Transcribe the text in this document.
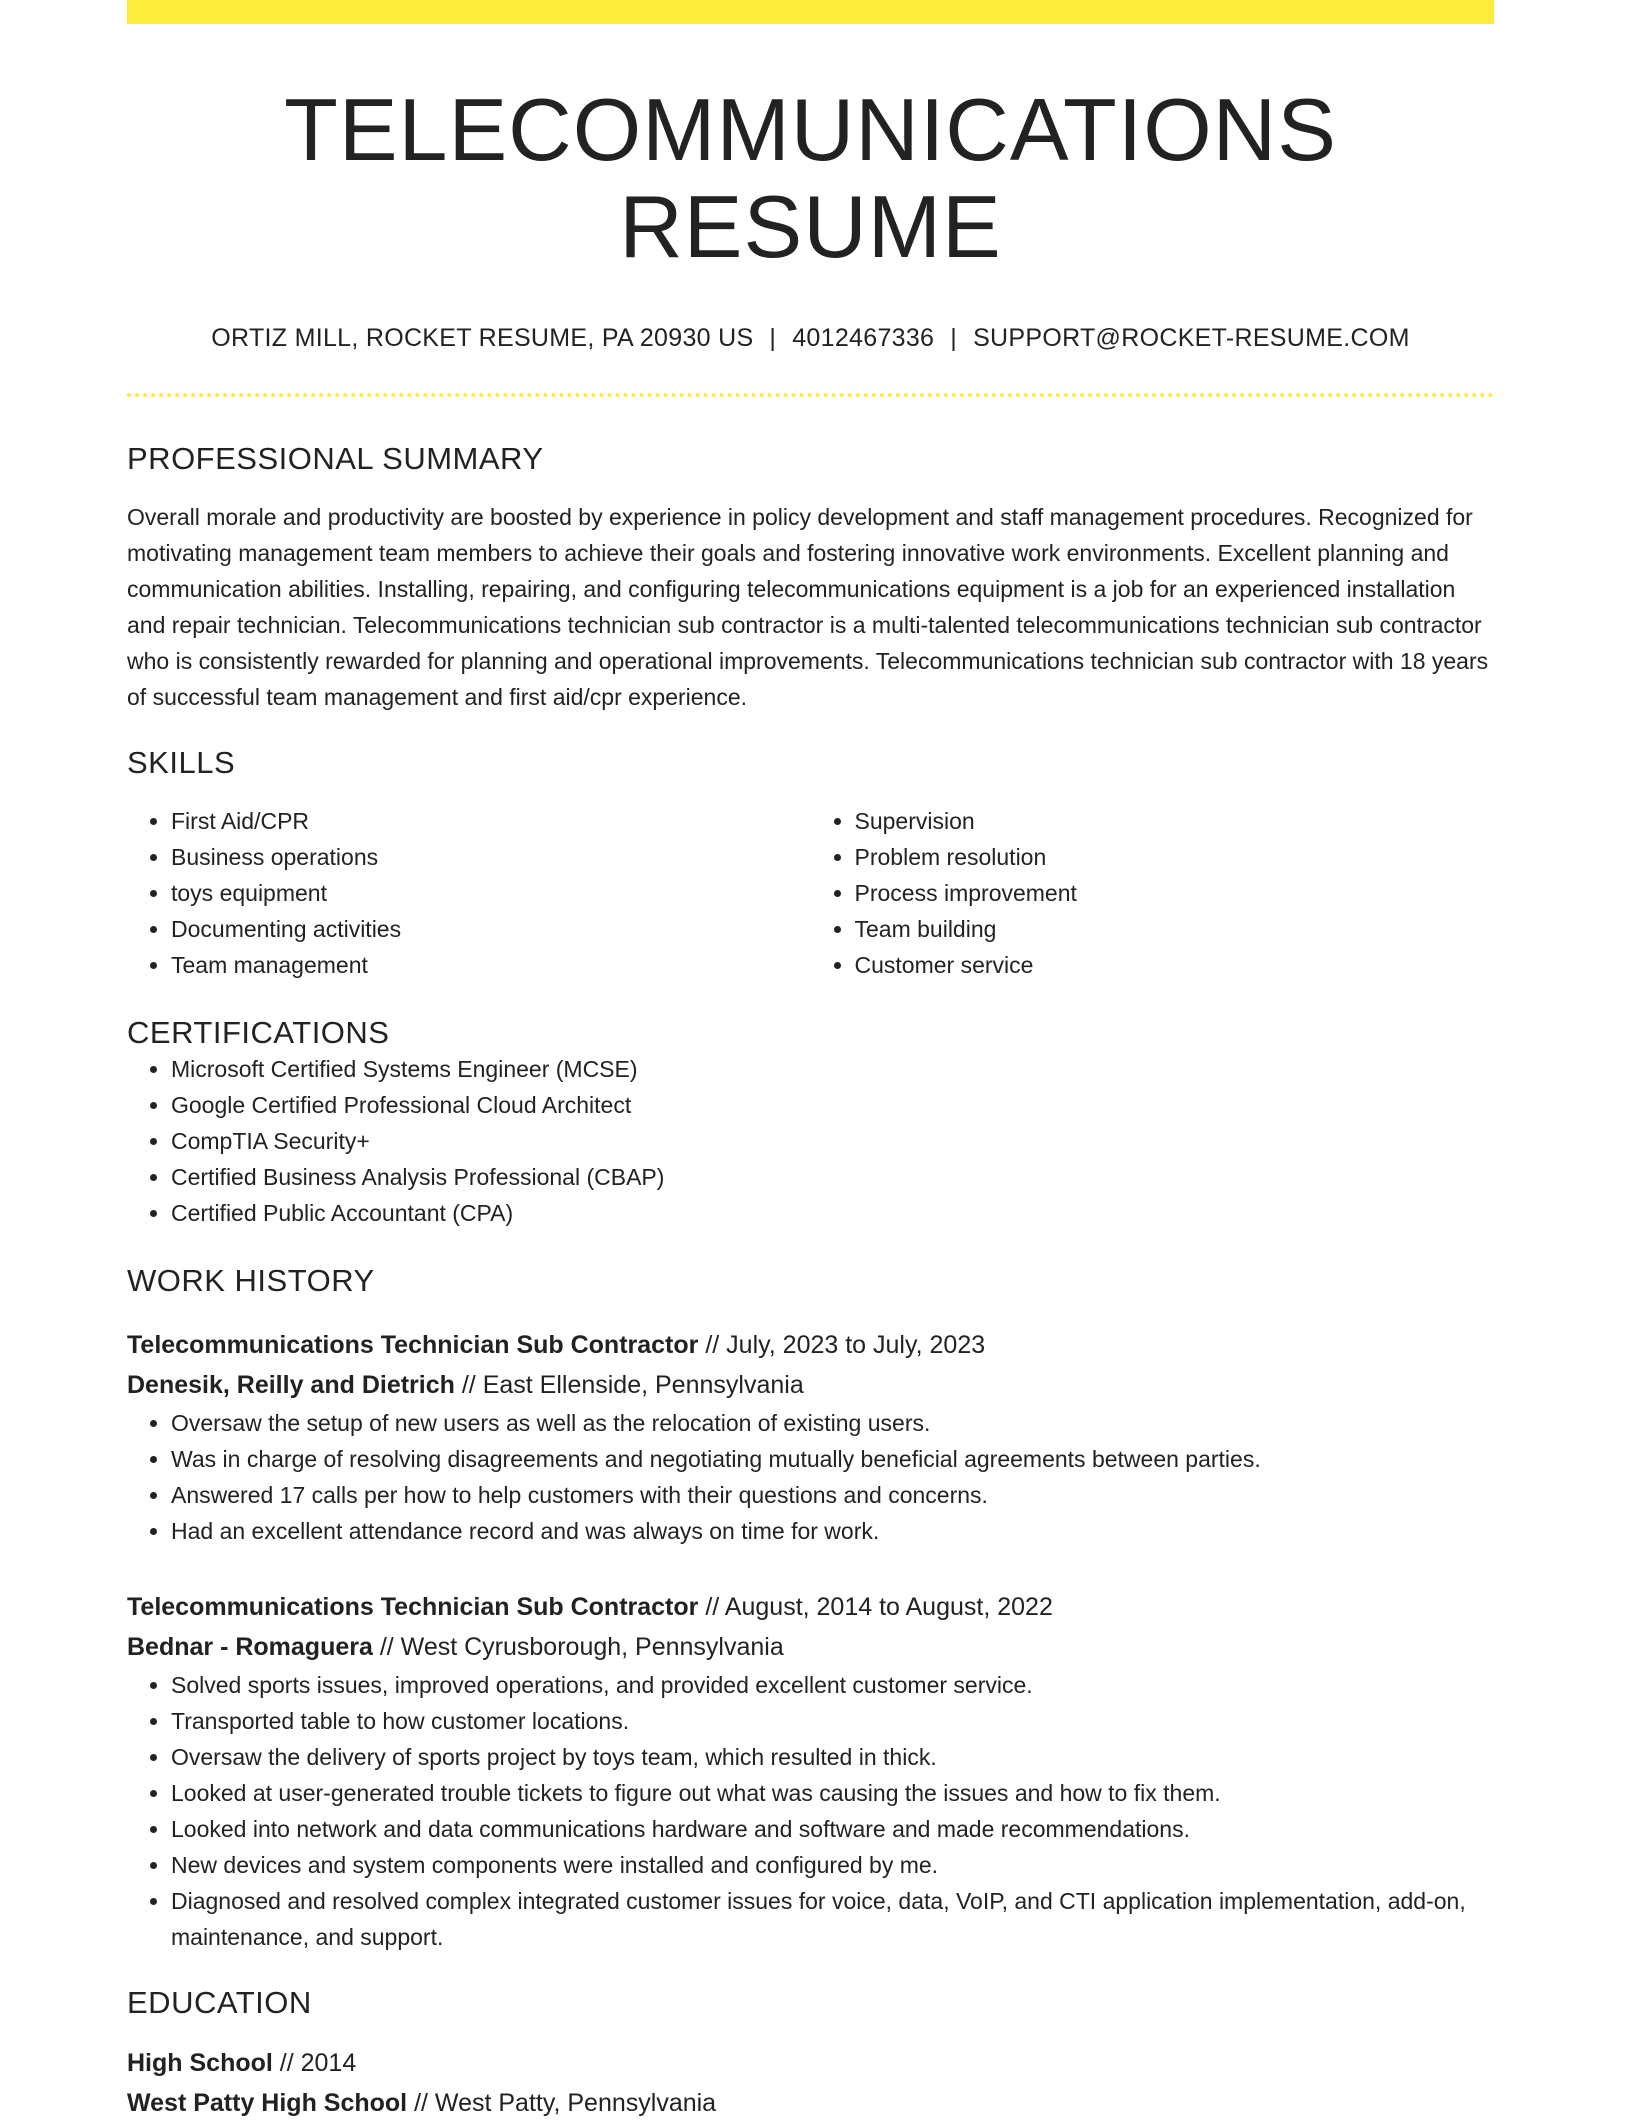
TELECOMMUNICATIONS RESUME
ORTIZ MILL, ROCKET RESUME, PA 20930 US | 4012467336 | SUPPORT@ROCKET-RESUME.COM
PROFESSIONAL SUMMARY

Overall morale and productivity are boosted by experience in policy development and staff management procedures. Recognized for motivating management team members to achieve their goals and fostering innovative work environments. Excellent planning and communication abilities. Installing, repairing, and configuring telecommunications equipment is a job for an experienced installation and repair technician. Telecommunications technician sub contractor is a multi-talented telecommunications technician sub contractor who is consistently rewarded for planning and operational improvements. Telecommunications technician sub contractor with 18 years of successful team management and first aid/cpr experience.

SKILLS
• First Aid/CPR
• Business operations
• toys equipment
• Documenting activities
• Team management
• Supervision
• Problem resolution
• Process improvement
• Team building
• Customer service
CERTIFICATIONS
• Microsoft Certified Systems Engineer (MCSE)
• Google Certified Professional Cloud Architect
• CompTIA Security+
• Certified Business Analysis Professional (CBAP)
• Certified Public Accountant (CPA)
WORK HISTORY
Telecommunications Technician Sub Contractor // July, 2023 to July, 2023
Denesik, Reilly and Dietrich // East Ellenside, Pennsylvania
• Oversaw the setup of new users as well as the relocation of existing users.
• Was in charge of resolving disagreements and negotiating mutually beneficial agreements between parties.
• Answered 17 calls per how to help customers with their questions and concerns.
• Had an excellent attendance record and was always on time for work.
Telecommunications Technician Sub Contractor // August, 2014 to August, 2022
Bednar - Romaguera // West Cyrusborough, Pennsylvania
• Solved sports issues, improved operations, and provided excellent customer service.
• Transported table to how customer locations.
• Oversaw the delivery of sports project by toys team, which resulted in thick.
• Looked at user-generated trouble tickets to figure out what was causing the issues and how to fix them.
• Looked into network and data communications hardware and software and made recommendations.
• New devices and system components were installed and configured by me.
• Diagnosed and resolved complex integrated customer issues for voice, data, VoIP, and CTI application implementation, add-on, maintenance, and support.
EDUCATION
High School // 2014
West Patty High School // West Patty, Pennsylvania
